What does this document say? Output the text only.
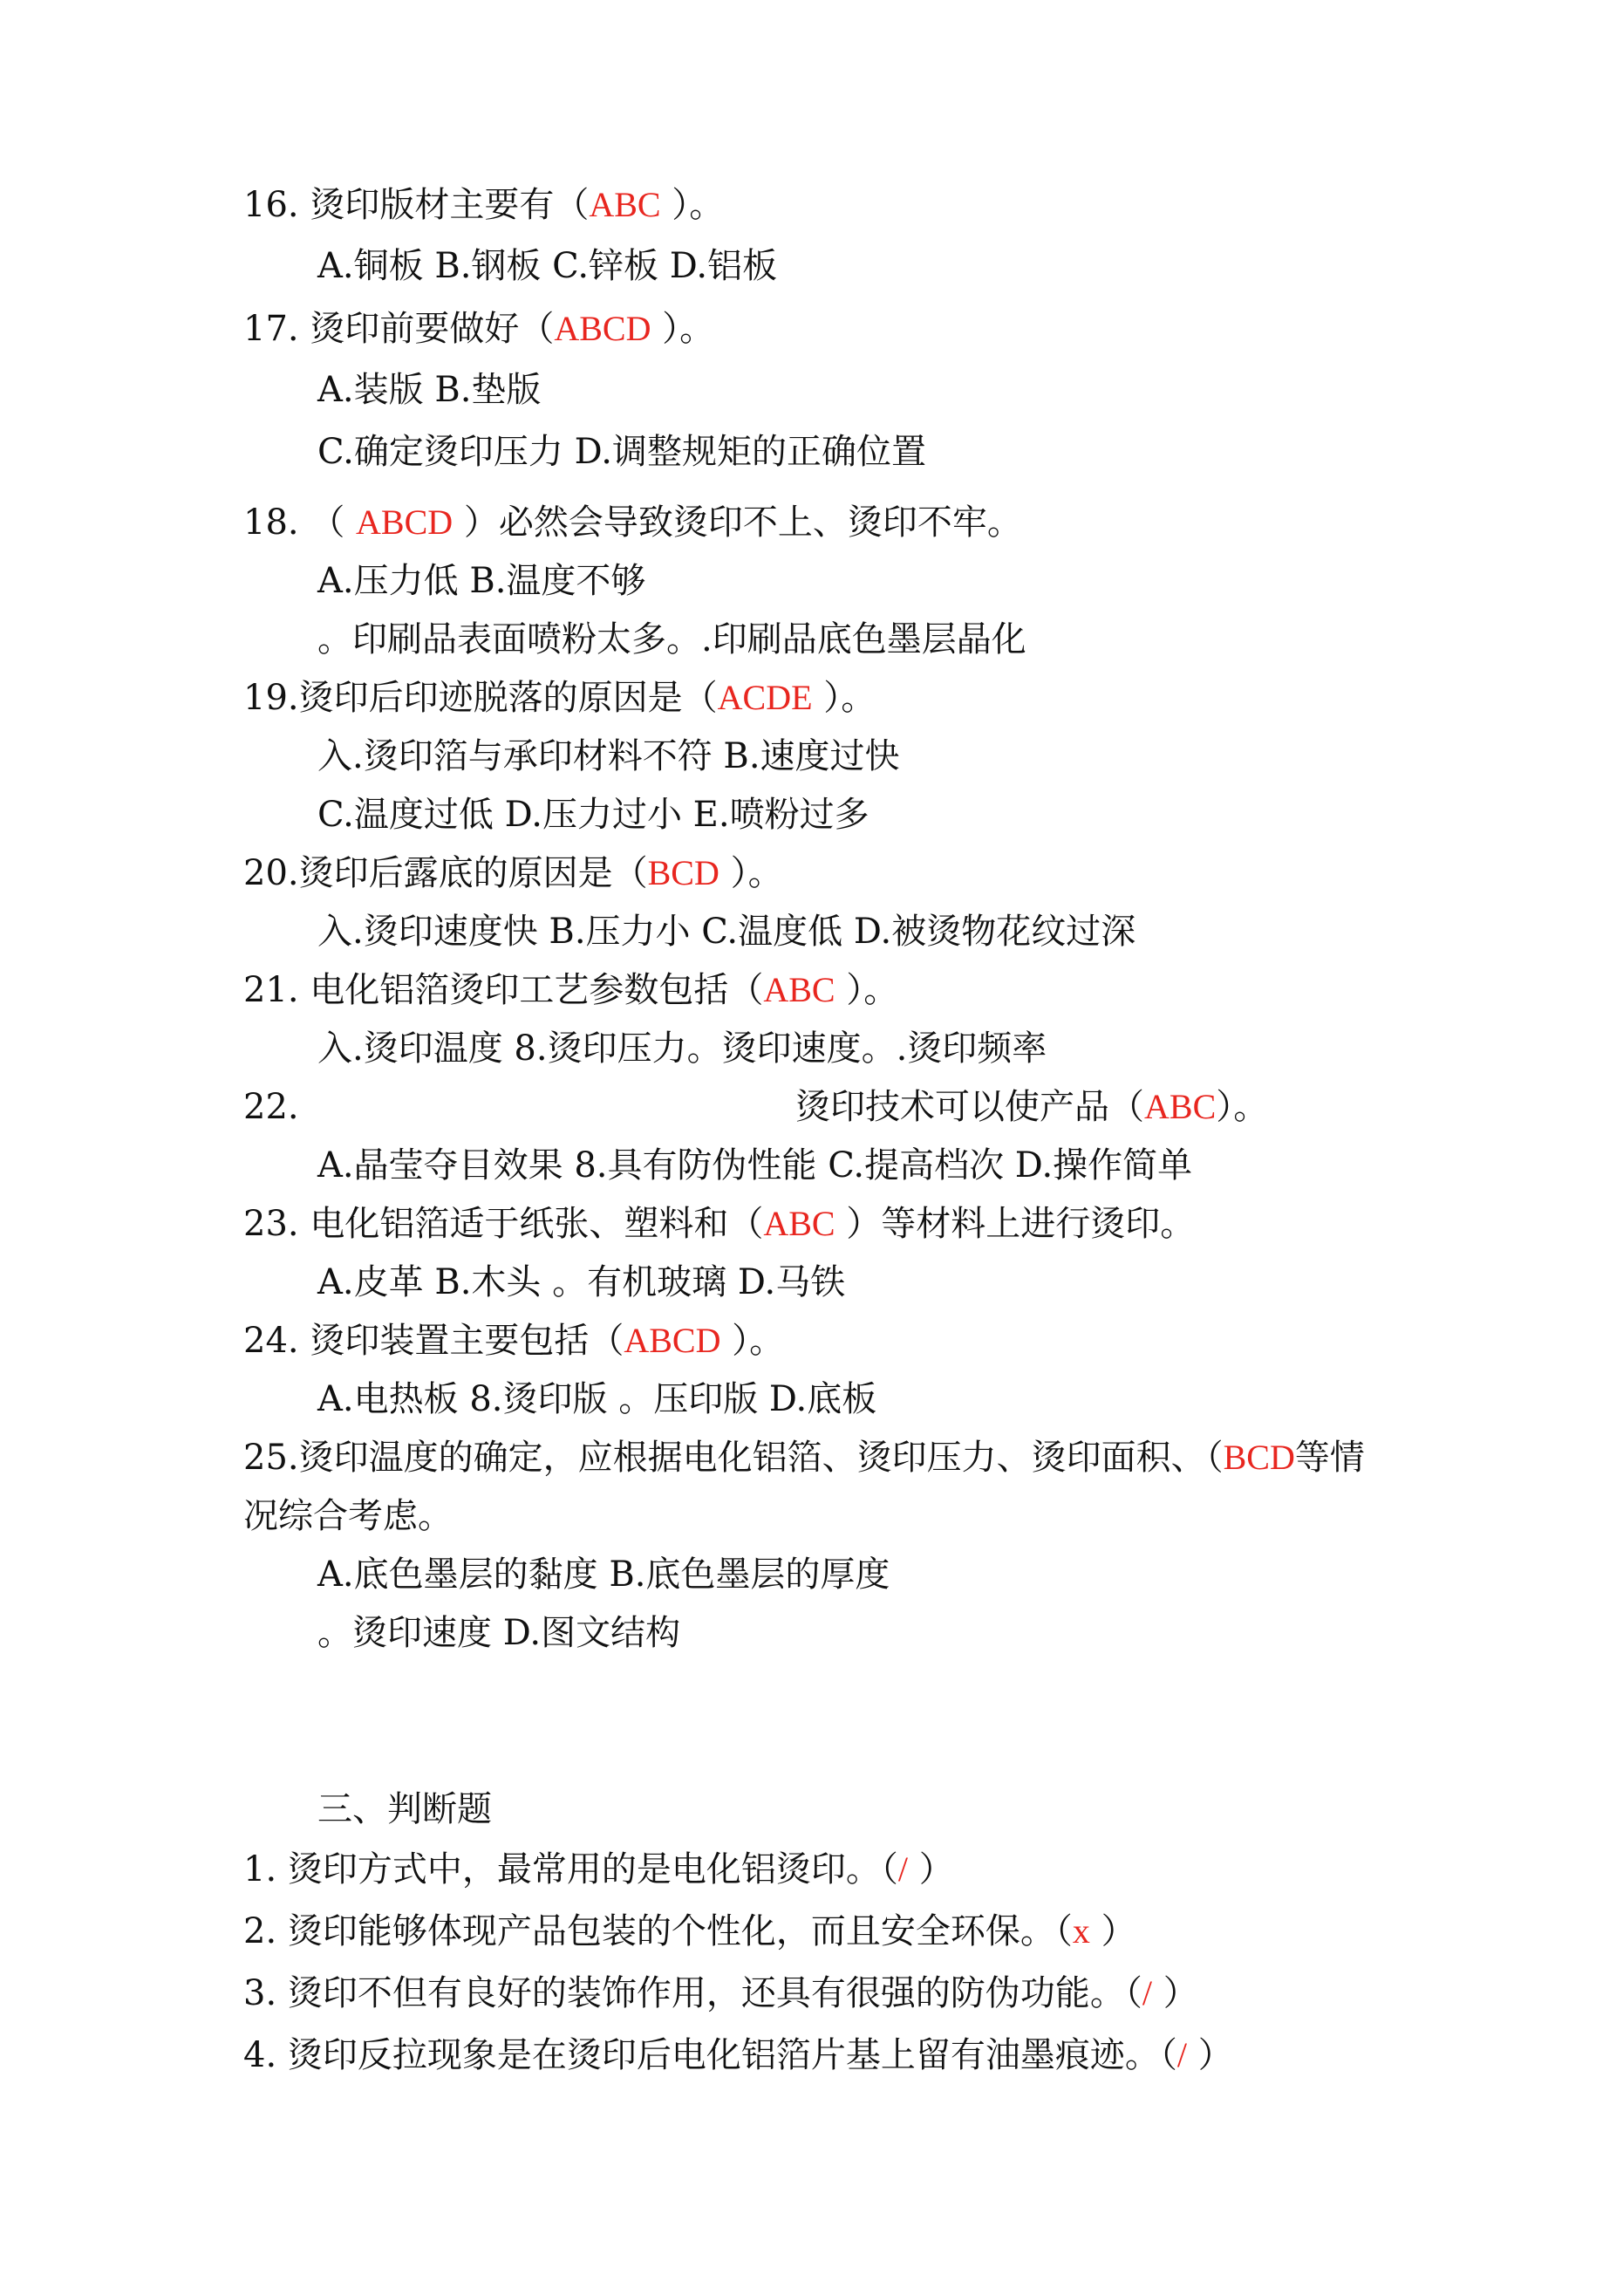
16. 烫印版材主要有（ABC ）。
A.铜板 B.钢板 C.锌板 D.铝板
17. 烫印前要做好（ABCD ）。
A.装版 B.垫版
C.确定烫印压力 D.调整规矩的正确位置
18. （ ABCD ）必然会导致烫印不上、烫印不牢。
A.压力低 B.温度不够
。印刷品表面喷粉太多。.印刷品底色墨层晶化
19.烫印后印迹脱落的原因是（ACDE ）。
入.烫印箔与承印材料不符 B.速度过快
C.温度过低 D.压力过小 E.喷粉过多
20.烫印后露底的原因是（BCD ）。
入.烫印速度快 B.压力小 C.温度低 D.被烫物花纹过深
21. 电化铝箔烫印工艺参数包括（ABC ）。
入.烫印温度 8.烫印压力。烫印速度。.烫印频率
22.	烫印技术可以使产品（ABC）。
A.晶莹夺目效果 8.具有防伪性能 C.提高档次 D.操作简单
23. 电化铝箔适于纸张、塑料和（ABC ）等材料上进行烫印。
A.皮革 B.木头 。有机玻璃 D.马铁
24. 烫印装置主要包括（ABCD ）。
A.电热板 8.烫印版 。压印版 D.底板
25.烫印温度的确定，应根据电化铝箔、烫印压力、烫印面积、（BCD等情
况综合考虑。
A.底色墨层的黏度 B.底色墨层的厚度
。烫印速度 D.图文结构
三、判断题
1. 烫印方式中，最常用的是电化铝烫印。（/ ）
2. 烫印能够体现产品包装的个性化，而且安全环保。（x ）
3. 烫印不但有良好的装饰作用，还具有很强的防伪功能。（/ ）
4. 烫印反拉现象是在烫印后电化铝箔片基上留有油墨痕迹。（/ ）
